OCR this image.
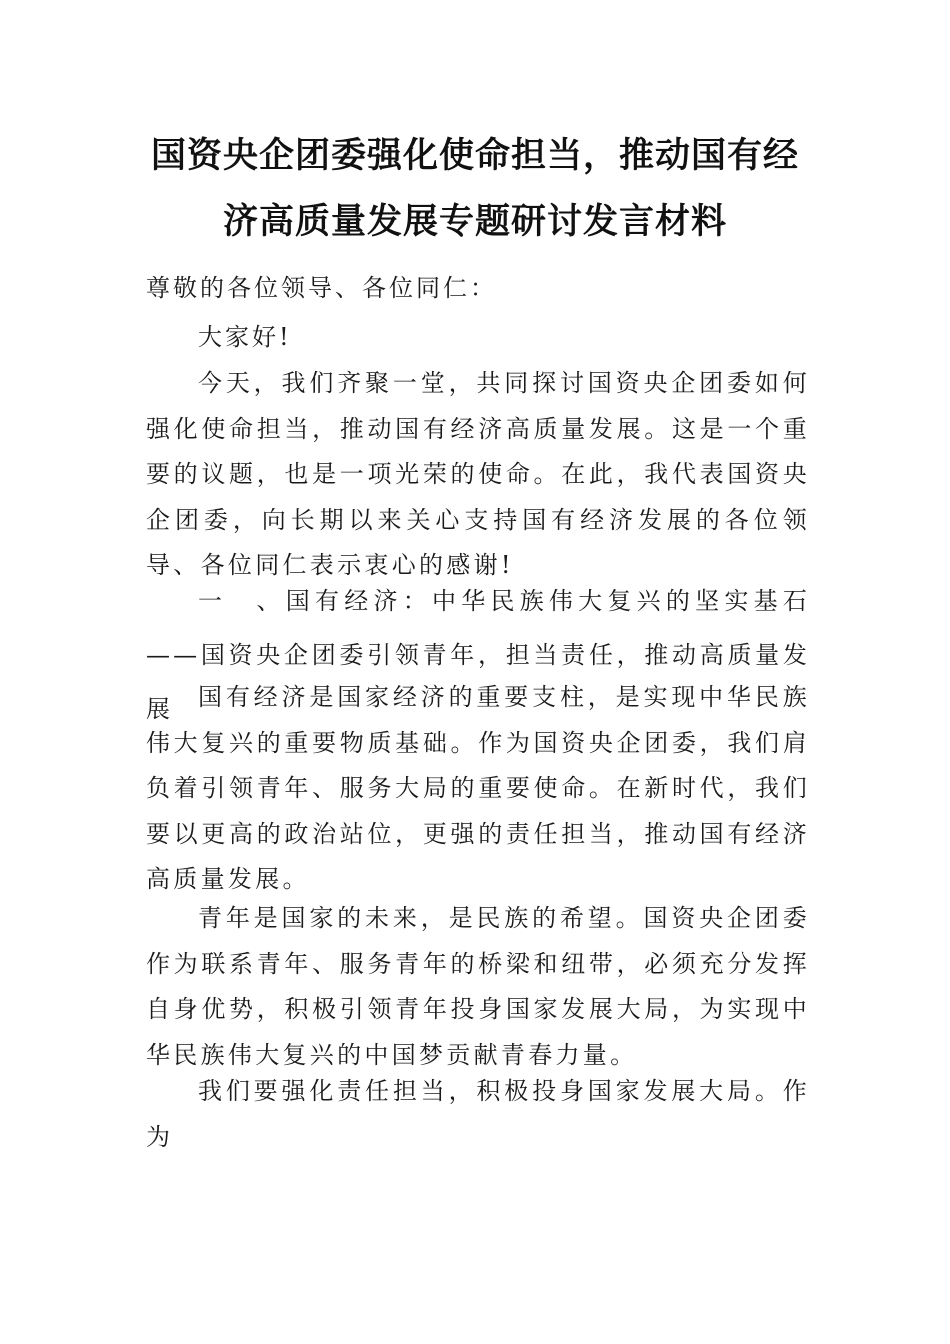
国资央企团委强化使命担当，推动国有经
济高质量发展专题研讨发言材料
尊敬的各位领导、各位同仁：
大家好!
今天，我们齐聚一堂，共同探讨国资央企团委如何强化使命担当，推动国有经济高质量发展。这是一个重要的议题，也是一项光荣的使命。在此，我代表国资央企团委，向长期以来关心支持国有经济发展的各位领导、各位同仁表示衷心的感谢!
一　、国有经济：中华民族伟大复兴的坚实基石——国资央企团委引领青年，担当责任，推动高质量发展	国有经济是国家经济的重要支柱，是实现中华民族伟大复兴的重要物质基础。作为国资央企团委，我们肩负着引领青年、服务大局的重要使命。在新时代，我们要以更高的政治站位，更强的责任担当，推动国有经济高质量发展。
青年是国家的未来，是民族的希望。国资央企团委作为联系青年、服务青年的桥梁和纽带，必须充分发挥自身优势，积极引领青年投身国家发展大局，为实现中华民族伟大复兴的中国梦贡献青春力量。
我们要强化责任担当，积极投身国家发展大局。作为
